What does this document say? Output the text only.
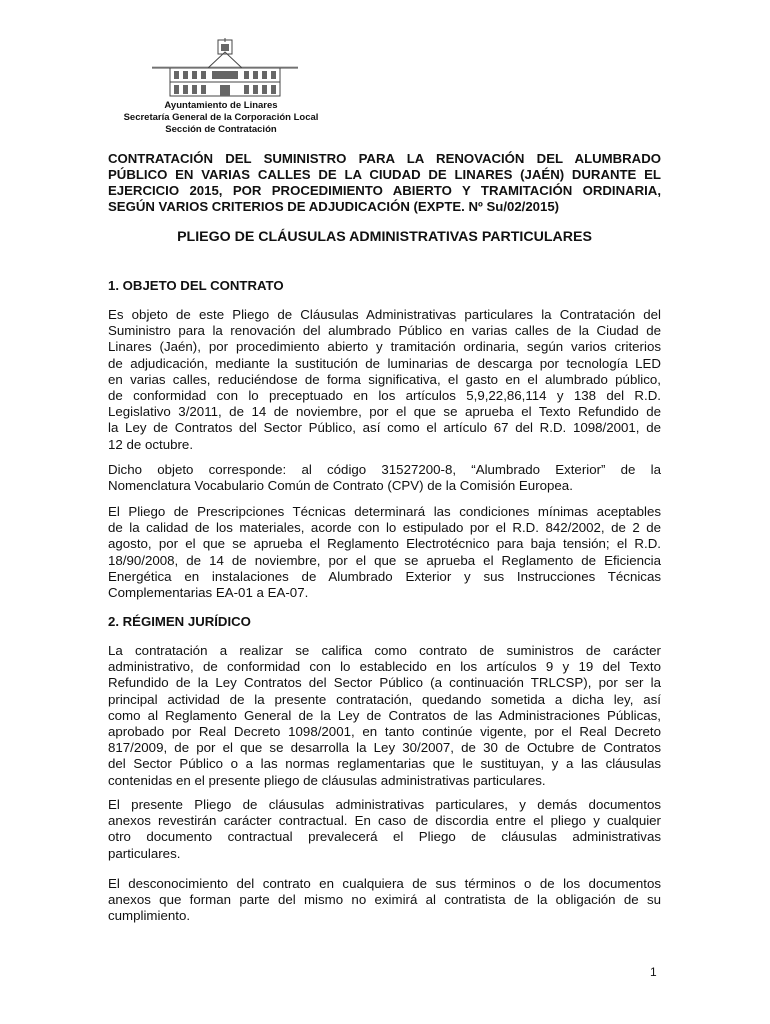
Ayuntamiento de Linares
Secretaría General de la Corporación Local
Sección de Contratación
CONTRATACIÓN DEL SUMINISTRO PARA LA RENOVACIÓN DEL ALUMBRADO
PÚBLICO EN VARIAS CALLES DE LA CIUDAD DE LINARES (JAÉN) DURANTE EL
EJERCICIO 2015, POR PROCEDIMIENTO ABIERTO Y TRAMITACIÓN ORDINARIA,
SEGÚN VARIOS CRITERIOS DE ADJUDICACIÓN (EXPTE. Nº Su/02/2015)
PLIEGO DE CLÁUSULAS ADMINISTRATIVAS PARTICULARES
1. OBJETO DEL CONTRATO
Es objeto de este Pliego de Cláusulas Administrativas particulares la Contratación del
Suministro para la renovación del alumbrado Público en varias calles de la Ciudad de
Linares (Jaén), por procedimiento abierto y tramitación ordinaria, según varios criterios
de adjudicación, mediante la sustitución de luminarias de descarga por tecnología LED
en varias calles, reduciéndose de forma significativa, el gasto en el alumbrado público,
de conformidad con lo preceptuado en los artículos 5,9,22,86,114 y 138 del R.D.
Legislativo 3/2011, de 14 de noviembre, por el que se aprueba el Texto Refundido de
la Ley de Contratos del Sector Público, así como el artículo 67 del R.D. 1098/2001, de
12 de octubre.
Dicho objeto corresponde: al código 31527200-8, “Alumbrado Exterior” de la
Nomenclatura Vocabulario Común de Contrato (CPV) de la Comisión Europea.
El Pliego de Prescripciones Técnicas determinará las condiciones mínimas aceptables
de la calidad de los materiales, acorde con lo estipulado por el R.D. 842/2002, de 2 de
agosto, por el que se aprueba el Reglamento Electrotécnico para baja tensión; el R.D.
18/90/2008, de 14 de noviembre, por el que se aprueba el Reglamento de Eficiencia
Energética en instalaciones de Alumbrado Exterior y sus Instrucciones Técnicas
Complementarias EA-01 a EA-07.
2. RÉGIMEN JURÍDICO
La contratación a realizar se califica como contrato de suministros de carácter
administrativo, de conformidad con lo establecido en los artículos 9 y 19 del Texto
Refundido de la Ley Contratos del Sector Público (a continuación TRLCSP), por ser la
principal actividad de la presente contratación, quedando sometida a dicha ley, así
como al Reglamento General de la Ley de Contratos de las Administraciones Públicas,
aprobado por Real Decreto 1098/2001, en tanto continúe vigente, por el Real Decreto
817/2009, de por el que se desarrolla la Ley 30/2007, de 30 de Octubre de Contratos
del Sector Público o a las normas reglamentarias que le sustituyan, y a las cláusulas
contenidas en el presente pliego de cláusulas administrativas particulares.
El presente Pliego de cláusulas administrativas particulares, y demás documentos
anexos revestirán carácter contractual. En caso de discordia entre el pliego y cualquier
otro documento contractual prevalecerá el Pliego de cláusulas administrativas
particulares.
El desconocimiento del contrato en cualquiera de sus términos o de los documentos
anexos que forman parte del mismo no eximirá al contratista de la obligación de su
cumplimiento.
1
